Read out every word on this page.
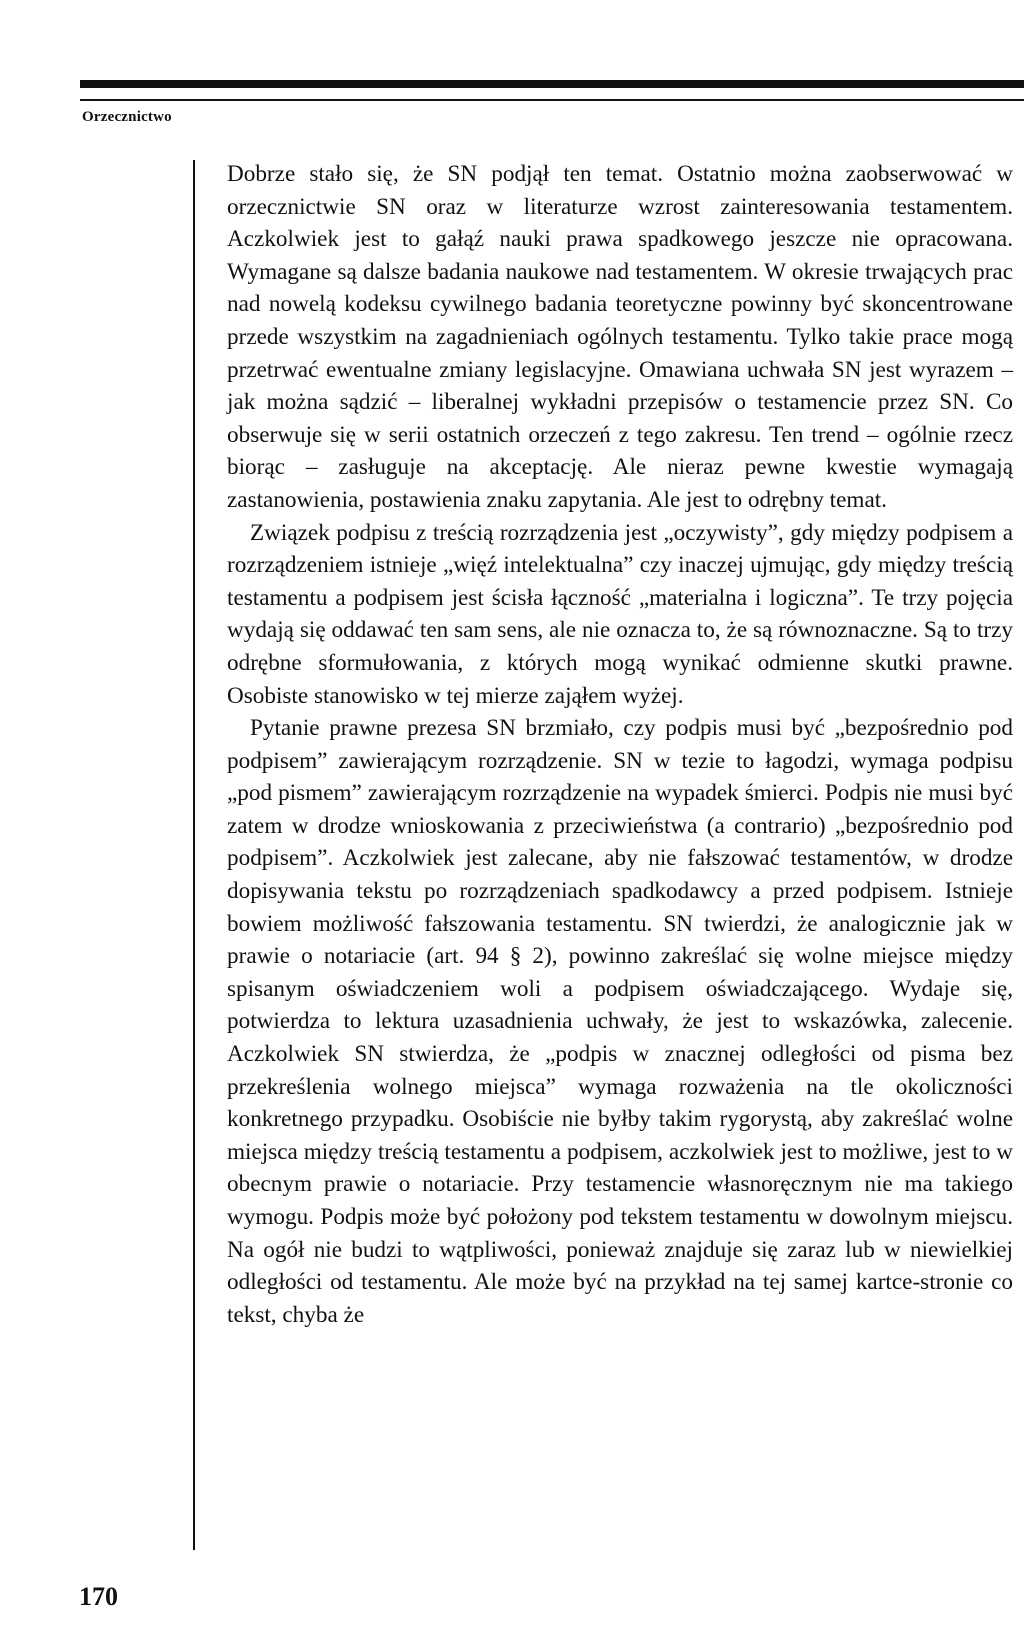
Orzecznictwo

Dobrze stało się, że SN podjął ten temat. Ostatnio można zaobserwować w orzecznictwie SN oraz w literaturze wzrost zainteresowania testamentem. Aczkolwiek jest to gałąź nauki prawa spadkowego jeszcze nie opracowana. Wymagane są dalsze badania naukowe nad testamentem. W okresie trwających prac nad nowelą kodeksu cywilnego badania teoretyczne powinny być skoncentrowane przede wszystkim na zagadnieniach ogólnych testamentu. Tylko takie prace mogą przetrwać ewentualne zmiany legislacyjne. Omawiana uchwała SN jest wyrazem – jak można sądzić – liberalnej wykładni przepisów o testamencie przez SN. Co obserwuje się w serii ostatnich orzeczeń z tego zakresu. Ten trend – ogólnie rzecz biorąc – zasługuje na akceptację. Ale nieraz pewne kwestie wymagają zastanowienia, postawienia znaku zapytania. Ale jest to odrębny temat.

Związek podpisu z treścią rozrządzenia jest „oczywisty”, gdy między podpisem a rozrządzeniem istnieje „więź intelektualna” czy inaczej ujmując, gdy między treścią testamentu a podpisem jest ścisła łączność „materialna i logiczna”. Te trzy pojęcia wydają się oddawać ten sam sens, ale nie oznacza to, że są równoznaczne. Są to trzy odrębne sformułowania, z których mogą wynikać odmienne skutki prawne. Osobiste stanowisko w tej mierze zająłem wyżej.

Pytanie prawne prezesa SN brzmiało, czy podpis musi być „bezpośrednio pod podpisem” zawierającym rozrządzenie. SN w tezie to łagodzi, wymaga podpisu „pod pismem” zawierającym rozrządzenie na wypadek śmierci. Podpis nie musi być zatem w drodze wnioskowania z przeciwieństwa (a contrario) „bezpośrednio pod podpisem”. Aczkolwiek jest zalecane, aby nie fałszować testamentów, w drodze dopisywania tekstu po rozrządzeniach spadkodawcy a przed podpisem. Istnieje bowiem możliwość fałszowania testamentu. SN twierdzi, że analogicznie jak w prawie o notariacie (art. 94 § 2), powinno zakreślać się wolne miejsce między spisanym oświadczeniem woli a podpisem oświadczającego. Wydaje się, potwierdza to lektura uzasadnienia uchwały, że jest to wskazówka, zalecenie. Aczkolwiek SN stwierdza, że „podpis w znacznej odległości od pisma bez przekreślenia wolnego miejsca” wymaga rozważenia na tle okoliczności konkretnego przypadku. Osobiście nie byłby takim rygorystą, aby zakreślać wolne miejsca między treścią testamentu a podpisem, aczkolwiek jest to możliwe, jest to w obecnym prawie o notariacie. Przy testamencie własnoręcznym nie ma takiego wymogu. Podpis może być położony pod tekstem testamentu w dowolnym miejscu. Na ogół nie budzi to wątpliwości, ponieważ znajduje się zaraz lub w niewielkiej odległości od testamentu. Ale może być na przykład na tej samej kartce-stronie co tekst, chyba że

170
